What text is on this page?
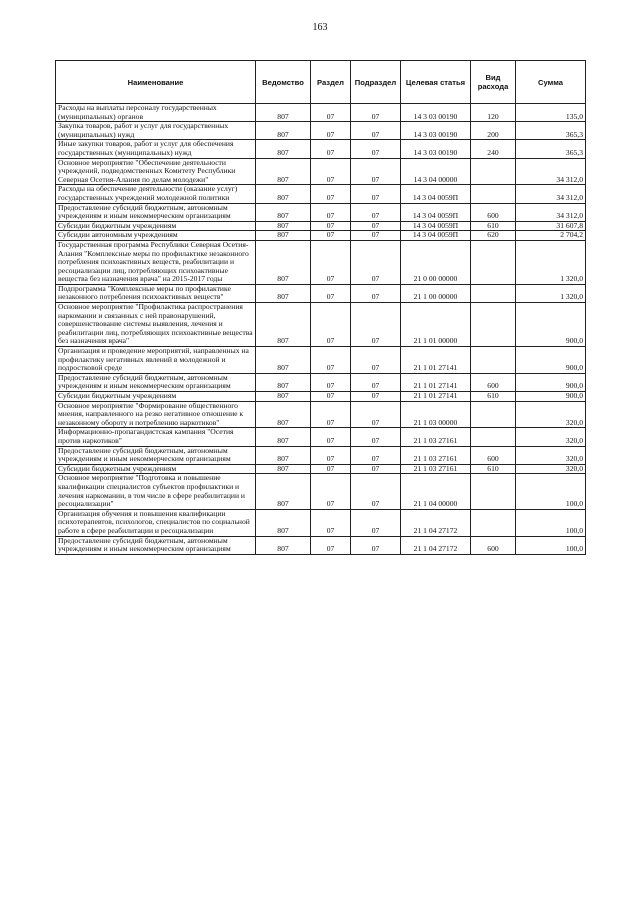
163
Наименование	Ведомство	Раздел	Подраздел	Целевая статья	Вид расхода	Сумма
Расходы на выплаты персоналу государственных (муниципальных) органов	807	07	07	14 3 03 00190	120	135,0
Закупка товаров, работ и услуг для государственных (муниципальных) нужд	807	07	07	14 3 03 00190	200	365,3
Иные закупки товаров, работ и услуг для обеспечения государственных (муниципальных) нужд	807	07	07	14 3 03 00190	240	365,3
Основное мероприятие "Обеспечение деятельности учреждений, подведомственных Комитету Республики Северная Осетия-Алания по делам молодежи"	807	07	07	14 3 04 00000		34 312,0
Расходы на обеспечение деятельности (оказание услуг) государственных учреждений молодежной политики	807	07	07	14 3 04 0059П		34 312,0
Предоставление субсидий бюджетным, автономным учреждениям и иным некоммерческим организациям	807	07	07	14 3 04 0059П	600	34 312,0
Субсидии бюджетным учреждениям	807	07	07	14 3 04 0059П	610	31 607,8
Субсидии автономным учреждениям	807	07	07	14 3 04 0059П	620	2 704,2
Государственная программа Республики Северная Осетия-Алания "Комплексные меры по профилактике незаконного потребления психоактивных веществ, реабилитации и ресоциализации лиц, потребляющих психоактивные вещества без назначения врача" на 2015-2017 годы	807	07	07	21 0 00 00000		1 320,0
Подпрограмма "Комплексные меры по профилактике незаконного потребления психоактивных веществ"	807	07	07	21 1 00 00000		1 320,0
Основное мероприятие "Профилактика распространения наркомании и связанных с ней правонарушений, совершенствование системы выявления, лечения и реабилитации лиц, потребляющих психоактивные вещества без назначения врача"	807	07	07	21 1 01 00000		900,0
Организация и проведение мероприятий, направленных на профилактику негативных явлений в молодежной и подростковой среде	807	07	07	21 1 01 27141		900,0
Предоставление субсидий бюджетным, автономным учреждениям и иным некоммерческим организациям	807	07	07	21 1 01 27141	600	900,0
Субсидии бюджетным учреждениям	807	07	07	21 1 01 27141	610	900,0
Основное мероприятие "Формирование общественного мнения, направленного на резко негативное отношение к незаконному обороту и потреблению наркотиков"	807	07	07	21 1 03 00000		320,0
Информационно-пропагандистская кампания "Осетия против наркотиков"	807	07	07	21 1 03 27161		320,0
Предоставление субсидий бюджетным, автономным учреждениям и иным некоммерческим организациям	807	07	07	21 1 03 27161	600	320,0
Субсидии бюджетным учреждениям	807	07	07	21 1 03 27161	610	320,0
Основное мероприятие "Подготовка и повышение квалификации специалистов субъектов профилактики и лечения наркомании, в том числе в сфере реабилитации и ресоциализации"	807	07	07	21 1 04 00000		100,0
Организация обучения и повышения квалификации психотерапевтов, психологов, специалистов по социальной работе в сфере реабилитации и ресоциализации	807	07	07	21 1 04 27172		100,0
Предоставление субсидий бюджетным, автономным учреждениям и иным некоммерческим организациям	807	07	07	21 1 04 27172	600	100,0
